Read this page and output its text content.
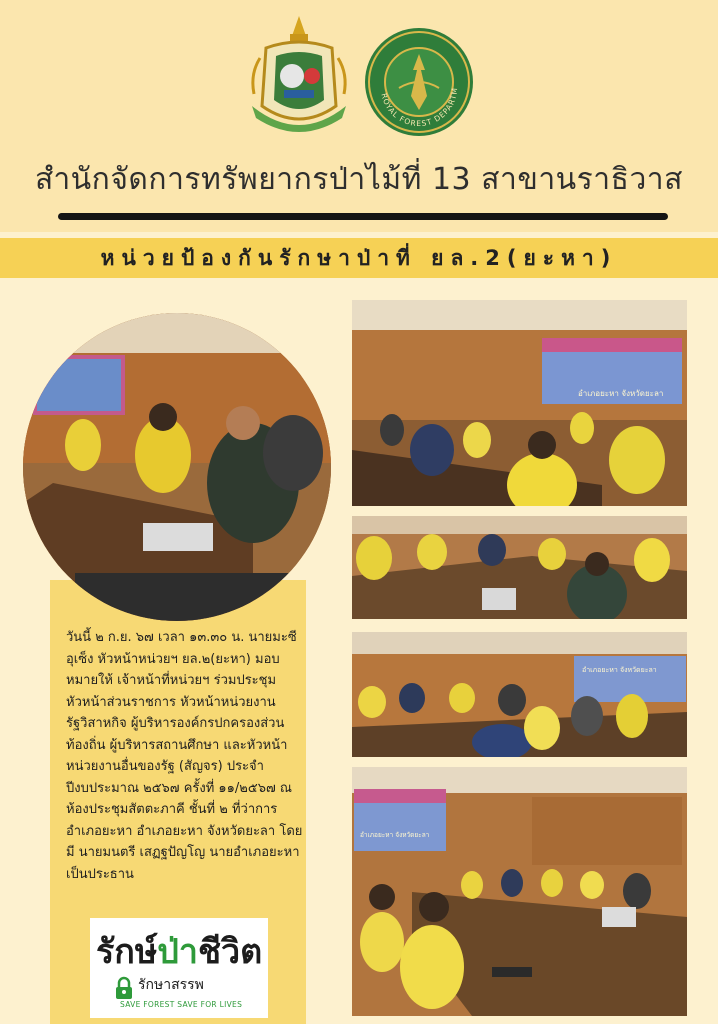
ROYAL FOREST DEPARTM
สำนักจัดการทรัพยากรป่าไม้ที่ 13 สาขานราธิวาส
หน่วยป้องกันรักษาป่าที่ ยล.2(ยะหา)
อำเภอยะหา จังหวัดยะลา
อำเภอยะหา จังหวัดยะลา
อำเภอยะหา จังหวัดยะลา

วันนี้ ๒ ก.ย. ๖๗ เวลา ๑๓.๓๐ น. นายมะซี อุเซ็ง หัวหน้าหน่วยฯ ยล.๒(ยะหา) มอบหมายให้ เจ้าหน้าที่หน่วยฯ ร่วมประชุมหัวหน้าส่วนราชการ หัวหน้าหน่วยงานรัฐวิสาหกิจ ผู้บริหารองค์กรปกครองส่วนท้องถิ่น ผู้บริหารสถานศึกษา และหัวหน้าหน่วยงานอื่นของรัฐ (สัญจร) ประจำปีงบประมาณ ๒๕๖๗ ครั้งที่ ๑๑/๒๕๖๗ ณ ห้องประชุมสัตตะภาคี ชั้นที่ ๒ ที่ว่าการอำเภอยะหา อำเภอยะหา จังหวัดยะลา โดยมี นายมนตรี เสฏฐปัญโญ นายอำเภอยะหา เป็นประธาน

รักษ์ป่าชีวิต
รักษาสรรพ
SAVE FOREST SAVE FOR LIVES
